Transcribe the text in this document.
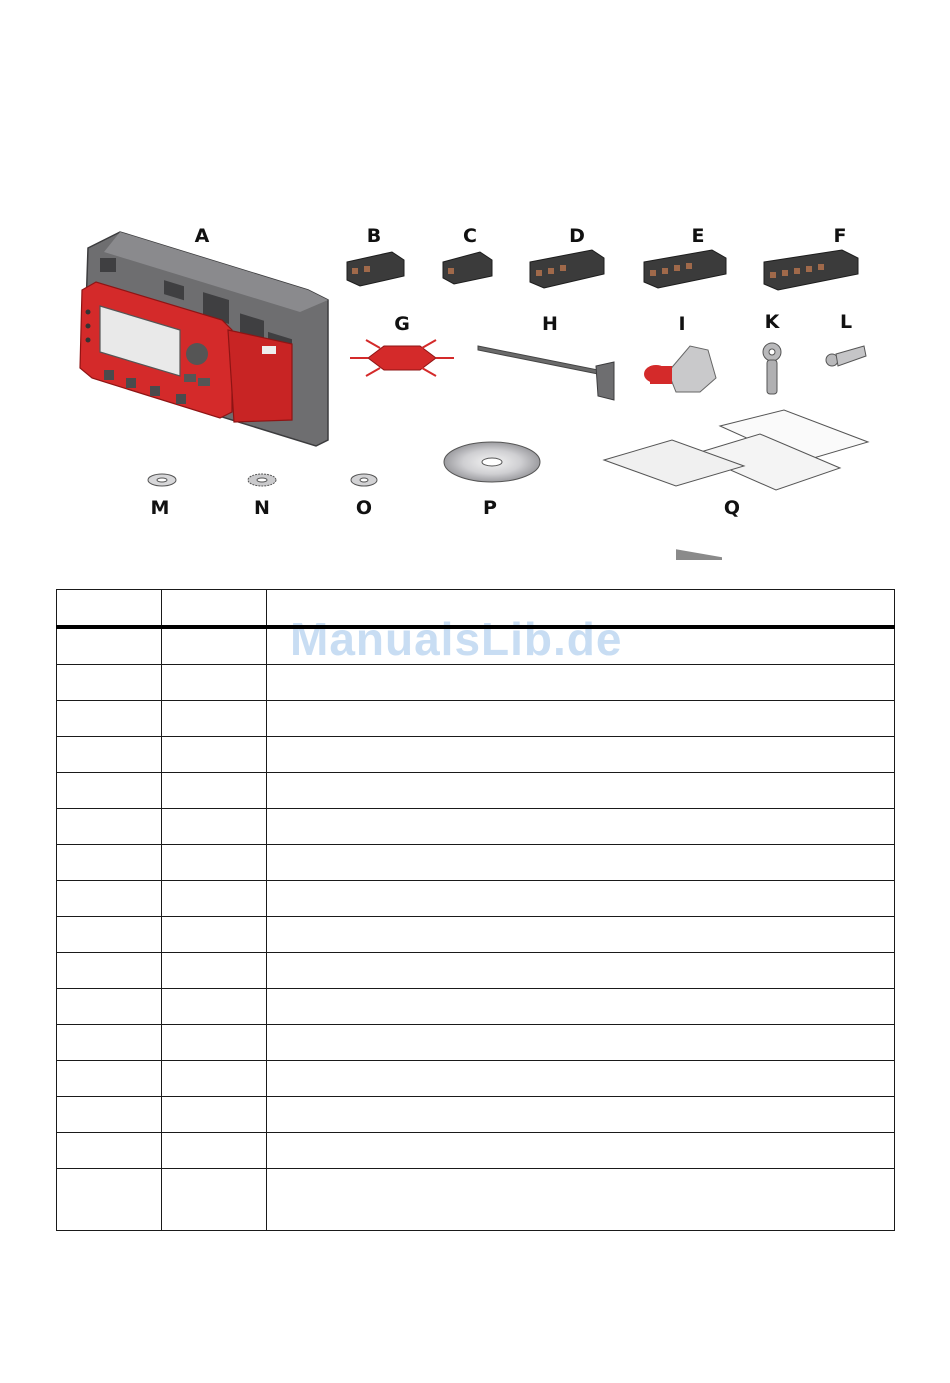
A	B	C	D	E	F
G	H	I	K	L
M	N	O	P	Q
ManualsLib.de
